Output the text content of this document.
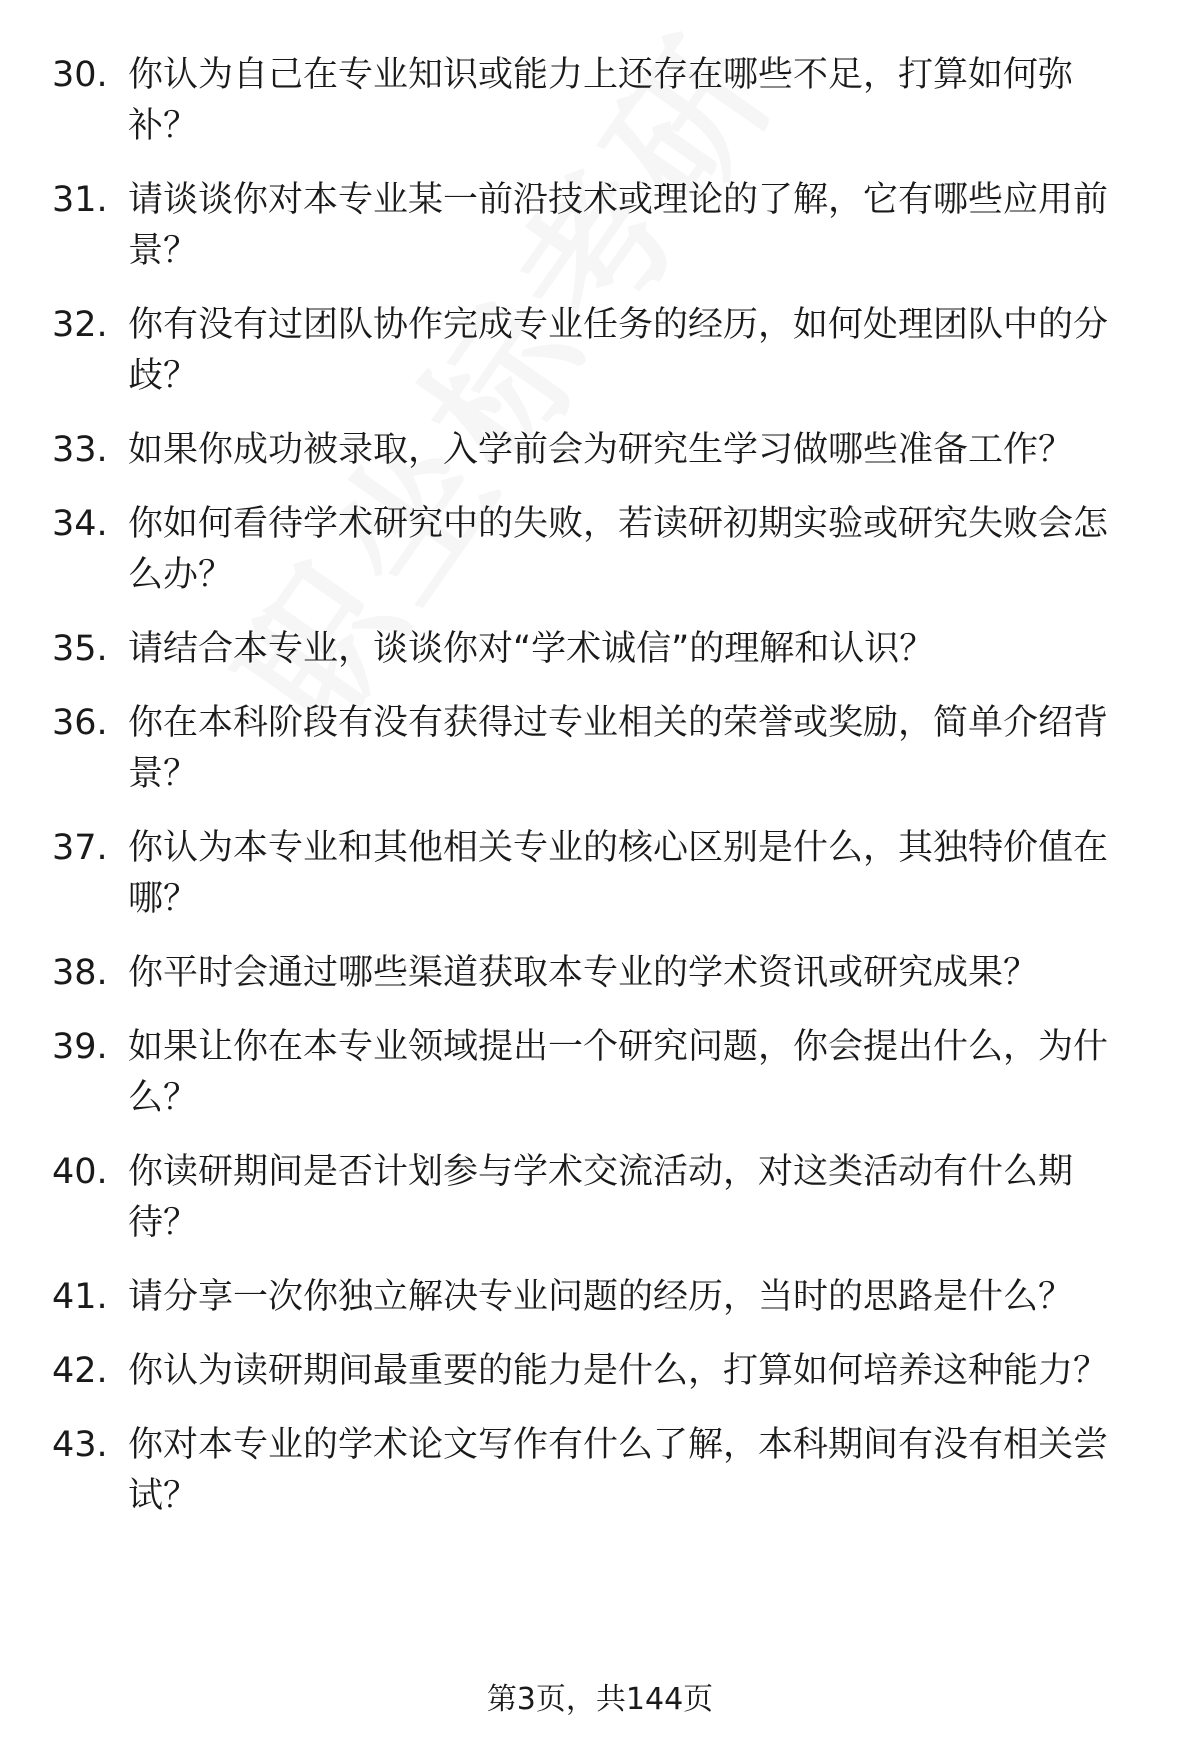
30. 你认为自己在专业知识或能力上还存在哪些不足，打算如何弥补？
31. 请谈谈你对本专业某一前沿技术或理论的了解，它有哪些应用前景？
32. 你有没有过团队协作完成专业任务的经历，如何处理团队中的分歧？
33. 如果你成功被录取，入学前会为研究生学习做哪些准备工作？
34. 你如何看待学术研究中的失败，若读研初期实验或研究失败会怎么办？
35. 请结合本专业，谈谈你对“学术诚信”的理解和认识？
36. 你在本科阶段有没有获得过专业相关的荣誉或奖励，简单介绍背景？
37. 你认为本专业和其他相关专业的核心区别是什么，其独特价值在哪？
38. 你平时会通过哪些渠道获取本专业的学术资讯或研究成果？
39. 如果让你在本专业领域提出一个研究问题，你会提出什么，为什么？
40. 你读研期间是否计划参与学术交流活动，对这类活动有什么期待？
41. 请分享一次你独立解决专业问题的经历，当时的思路是什么？
42. 你认为读研期间最重要的能力是什么，打算如何培养这种能力？
43. 你对本专业的学术论文写作有什么了解，本科期间有没有相关尝试？
第3页，共144页
